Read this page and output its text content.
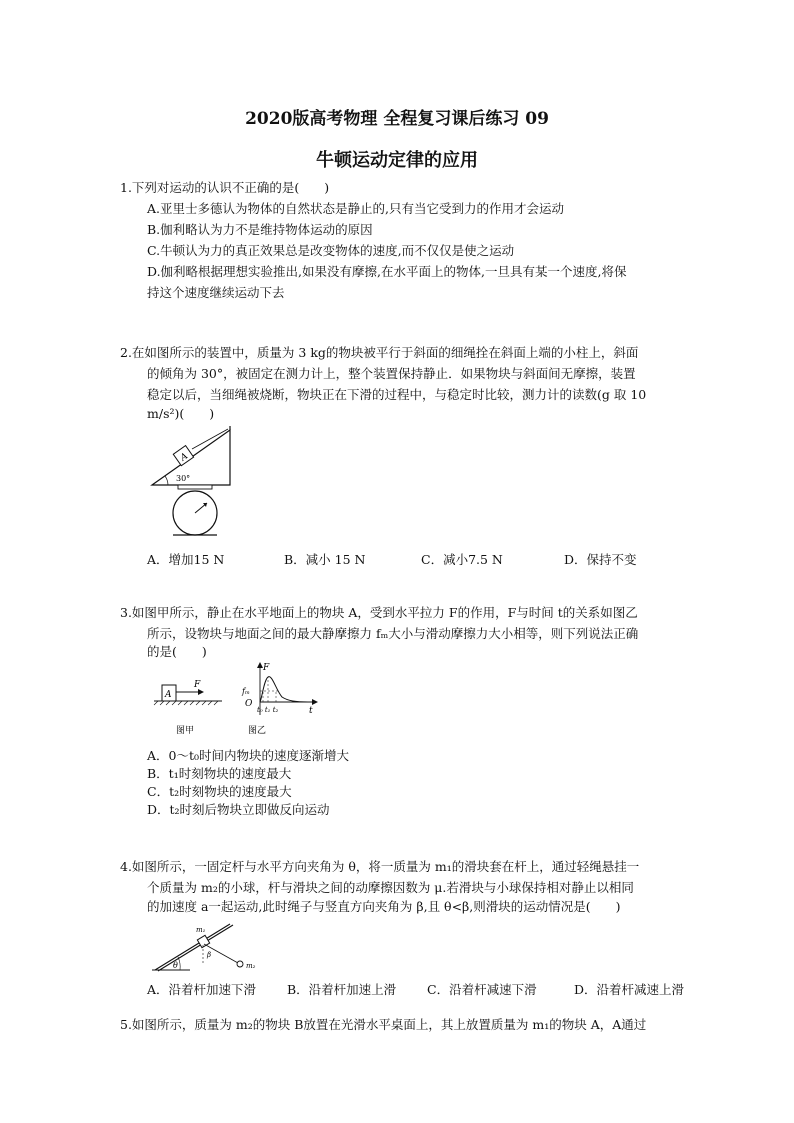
2020版高考物理 全程复习课后练习 09
牛顿运动定律的应用
1.下列对运动的认识不正确的是(　　)
A.亚里士多德认为物体的自然状态是静止的,只有当它受到力的作用才会运动
B.伽利略认为力不是维持物体运动的原因
C.牛顿认为力的真正效果总是改变物体的速度,而不仅仅是使之运动
D.伽利略根据理想实验推出,如果没有摩擦,在水平面上的物体,一旦具有某一个速度,将保
持这个速度继续运动下去
2.在如图所示的装置中，质量为 3 kg的物块被平行于斜面的细绳拴在斜面上端的小柱上，斜面
的倾角为 30°，被固定在测力计上，整个装置保持静止．如果物块与斜面间无摩擦，装置
稳定以后，当细绳被烧断，物块正在下滑的过程中，与稳定时比较，测力计的读数(g 取 10
m/s²)(　　)
A
30°
A．增加15 N	B．减小 15 N	C．减小7.5 N	D．保持不变
3.如图甲所示，静止在水平地面上的物块 A，受到水平拉力 F的作用，F与时间 t的关系如图乙
所示，设物块与地面之间的最大静摩擦力 fₘ大小与滑动摩擦力大小相等，则下列说法正确
的是(　　)
A
F
图甲
F
t
O
fₘ
t₀ t₁ t₂
图乙
A．0～t₀时间内物块的速度逐渐增大
B．t₁时刻物块的速度最大
C．t₂时刻物块的速度最大
D．t₂时刻后物块立即做反向运动
4.如图所示，一固定杆与水平方向夹角为 θ，将一质量为 m₁的滑块套在杆上，通过轻绳悬挂一
个质量为 m₂的小球，杆与滑块之间的动摩擦因数为 μ.若滑块与小球保持相对静止以相同
的加速度 a一起运动,此时绳子与竖直方向夹角为 β,且 θ<β,则滑块的运动情况是(　　)
θ
m₁
β
m₂
A．沿着杆加速下滑 B．沿着杆加速上滑 C．沿着杆减速下滑	D．沿着杆减速上滑
5.如图所示，质量为 m₂的物块 B放置在光滑水平桌面上，其上放置质量为 m₁的物块 A，A通过
